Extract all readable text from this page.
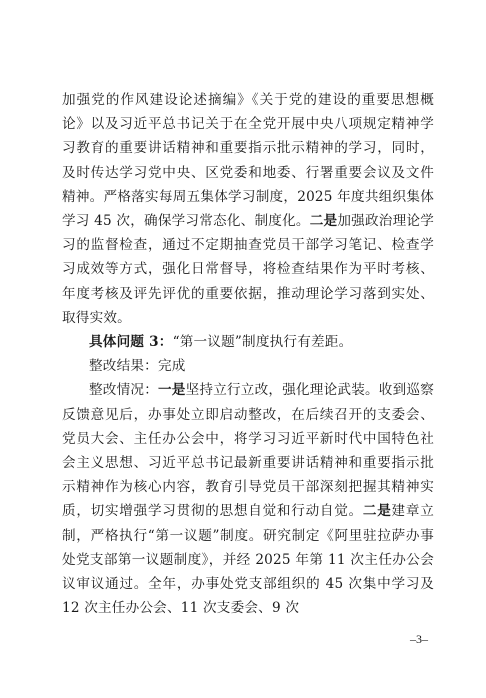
加强党的作风建设论述摘编》《关于党的建设的重要思想概论》以及习近平总书记关于在全党开展中央八项规定精神学习教育的重要讲话精神和重要指示批示精神的学习，同时，及时传达学习党中央、区党委和地委、行署重要会议及文件精神。严格落实每周五集体学习制度，2025 年度共组织集体学习 45 次，确保学习常态化、制度化。二是加强政治理论学习的监督检查，通过不定期抽查党员干部学习笔记、检查学习成效等方式，强化日常督导，将检查结果作为平时考核、年度考核及评先评优的重要依据，推动理论学习落到实处、取得实效。

具体问题 3：“第一议题”制度执行有差距。

整改结果：完成

整改情况：一是坚持立行立改，强化理论武装。收到巡察反馈意见后，办事处立即启动整改，在后续召开的支委会、党员大会、主任办公会中，将学习习近平新时代中国特色社会主义思想、习近平总书记最新重要讲话精神和重要指示批示精神作为核心内容，教育引导党员干部深刻把握其精神实质，切实增强学习贯彻的思想自觉和行动自觉。二是建章立制，严格执行“第一议题”制度。研究制定《阿里驻拉萨办事处党支部第一议题制度》，并经 2025 年第 11 次主任办公会议审议通过。全年，办事处党支部组织的 45 次集中学习及 12 次主任办公会、11 次支委会、9 次

–3–
